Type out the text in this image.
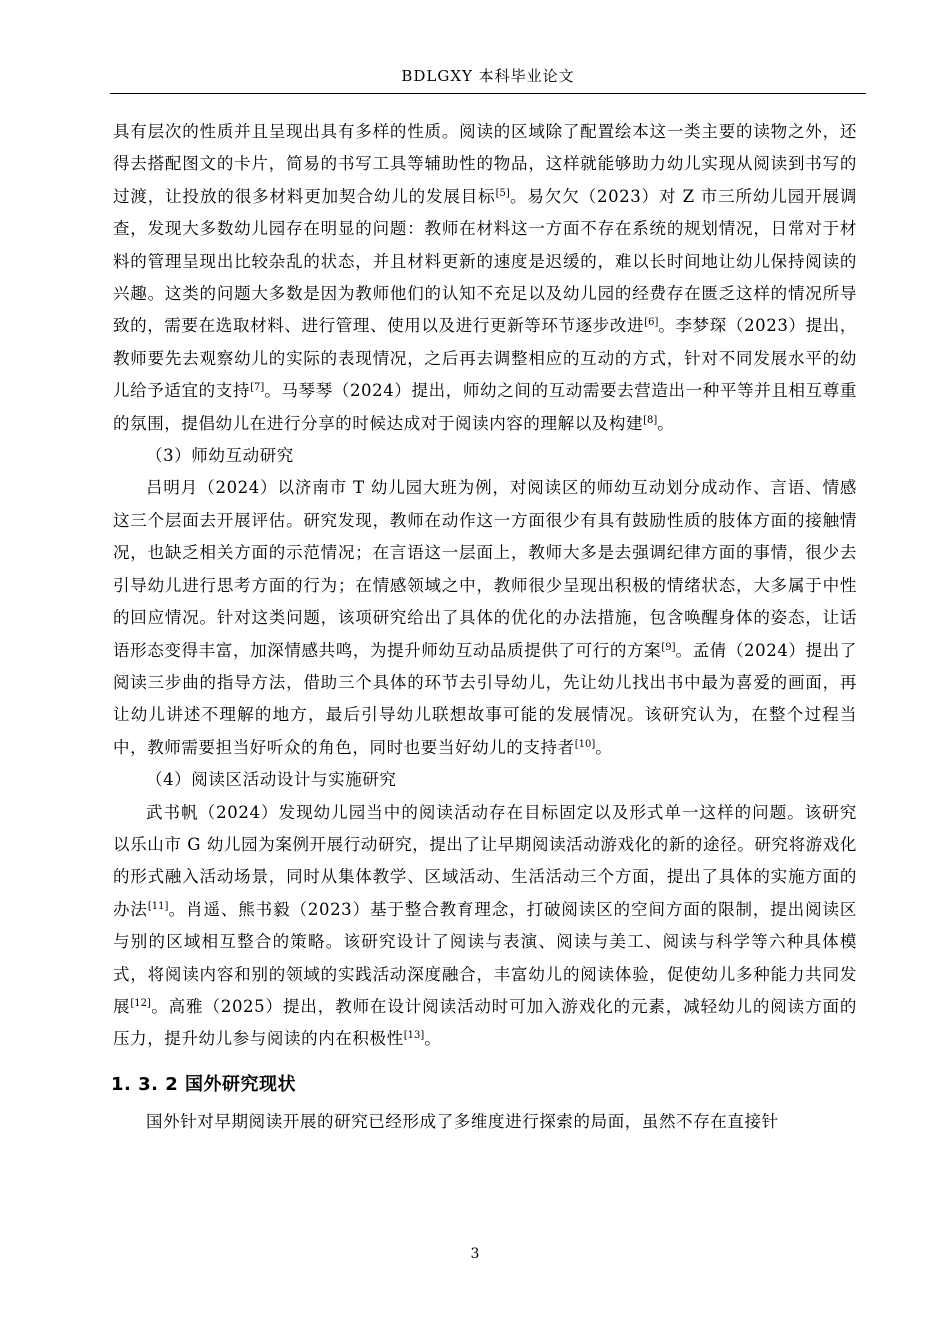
BDLGXY 本科毕业论文

具有层次的性质并且呈现出具有多样的性质。阅读的区域除了配置绘本这一类主要的读物之外，还得去搭配图文的卡片，简易的书写工具等辅助性的物品，这样就能够助力幼儿实现从阅读到书写的过渡，让投放的很多材料更加契合幼儿的发展目标[5]。易欠欠（2023）对 Z 市三所幼儿园开展调查，发现大多数幼儿园存在明显的问题：教师在材料这一方面不存在系统的规划情况，日常对于材料的管理呈现出比较杂乱的状态，并且材料更新的速度是迟缓的，难以长时间地让幼儿保持阅读的兴趣。这类的问题大多数是因为教师他们的认知不充足以及幼儿园的经费存在匮乏这样的情况所导致的，需要在选取材料、进行管理、使用以及进行更新等环节逐步改进[6]。李梦琛（2023）提出，教师要先去观察幼儿的实际的表现情况，之后再去调整相应的互动的方式，针对不同发展水平的幼儿给予适宜的支持[7]。马琴琴（2024）提出，师幼之间的互动需要去营造出一种平等并且相互尊重的氛围，提倡幼儿在进行分享的时候达成对于阅读内容的理解以及构建[8]。

（3）师幼互动研究

吕明月（2024）以济南市 T 幼儿园大班为例，对阅读区的师幼互动划分成动作、言语、情感这三个层面去开展评估。研究发现，教师在动作这一方面很少有具有鼓励性质的肢体方面的接触情况，也缺乏相关方面的示范情况；在言语这一层面上，教师大多是去强调纪律方面的事情，很少去引导幼儿进行思考方面的行为；在情感领域之中，教师很少呈现出积极的情绪状态，大多属于中性的回应情况。针对这类问题，该项研究给出了具体的优化的办法措施，包含唤醒身体的姿态，让话语形态变得丰富，加深情感共鸣，为提升师幼互动品质提供了可行的方案[9]。孟倩（2024）提出了阅读三步曲的指导方法，借助三个具体的环节去引导幼儿，先让幼儿找出书中最为喜爱的画面，再让幼儿讲述不理解的地方，最后引导幼儿联想故事可能的发展情况。该研究认为，在整个过程当中，教师需要担当好听众的角色，同时也要当好幼儿的支持者[10]。

（4）阅读区活动设计与实施研究

武书帆（2024）发现幼儿园当中的阅读活动存在目标固定以及形式单一这样的问题。该研究以乐山市 G 幼儿园为案例开展行动研究，提出了让早期阅读活动游戏化的新的途径。研究将游戏化的形式融入活动场景，同时从集体教学、区域活动、生活活动三个方面，提出了具体的实施方面的办法[11]。肖遥、熊书毅（2023）基于整合教育理念，打破阅读区的空间方面的限制，提出阅读区与别的区域相互整合的策略。该研究设计了阅读与表演、阅读与美工、阅读与科学等六种具体模式，将阅读内容和别的领域的实践活动深度融合，丰富幼儿的阅读体验，促使幼儿多种能力共同发展[12]。高雅（2025）提出，教师在设计阅读活动时可加入游戏化的元素，减轻幼儿的阅读方面的压力，提升幼儿参与阅读的内在积极性[13]。

1. 3. 2 国外研究现状

国外针对早期阅读开展的研究已经形成了多维度进行探索的局面，虽然不存在直接针

3
